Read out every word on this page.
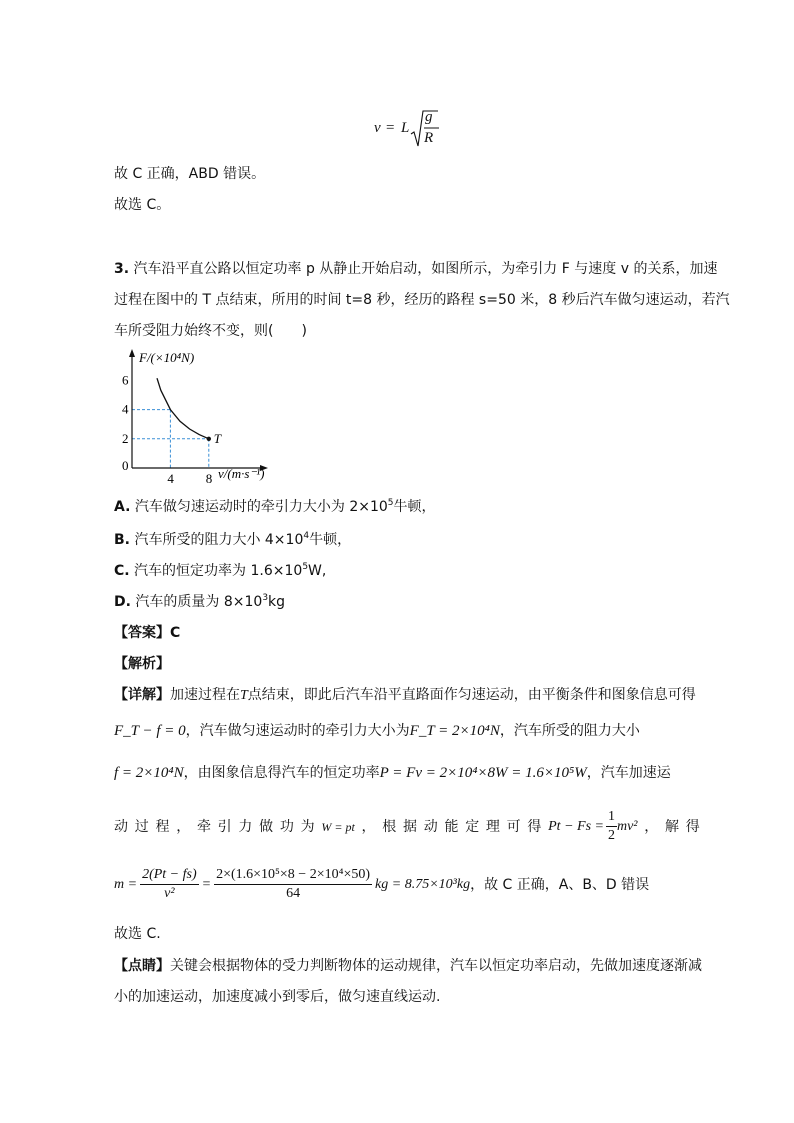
v = L
g
R
故 C 正确，ABD 错误。
故选 C。
3. 汽车沿平直公路以恒定功率 p 从静止开始启动，如图所示，为牵引力 F 与速度 v 的关系，加速
过程在图中的 T 点结束，所用的时间 t=8 秒，经历的路程 s=50 米，8 秒后汽车做匀速运动，若汽
车所受阻力始终不变，则(　　)
F/(×10⁴N)
v/(m·s⁻¹)
0
6
4
2
4 8
T
A. 汽车做匀速运动时的牵引力大小为 $2\times 10^5$牛顿，
B. 汽车所受的阻力大小 $4\times 10^4$牛顿，
C. 汽车的恒定功率为 $1.6\times 10^5W$,
D. 汽车的质量为 $8\times 10^3kg$
【答案】C
【解析】
【详解】加速过程在T点结束，即此后汽车沿平直路面作匀速运动，由平衡条件和图象信息可得
F_T − f = 0，汽车做匀速运动时的牵引力大小为F_T = 2×10⁴N，汽车所受的阻力大小
f = 2×10⁴N，由图象信息得汽车的恒定功率P = Fv = 2×10⁴×8W = 1.6×10⁵W，汽车加速运
动 过 程 ， 牵 引 力 做 功 为 W = pt ， 根 据 动 能 定 理 可 得 $Pt - Fs = \frac{1}{2} mv^2$ ， 解 得
$m = \frac{2(Pt - fs)}{\text{v²}} = \frac{\text{2×(1.6×10⁵×8 − 2×10⁴×50)}}{64}$ kg = 8.75×10³kg ，故 C 正确，A、B、D 错误
故选 C.
【点睛】关键会根据物体的受力判断物体的运动规律，汽车以恒定功率启动，先做加速度逐渐减
小的加速运动，加速度减小到零后，做匀速直线运动.
